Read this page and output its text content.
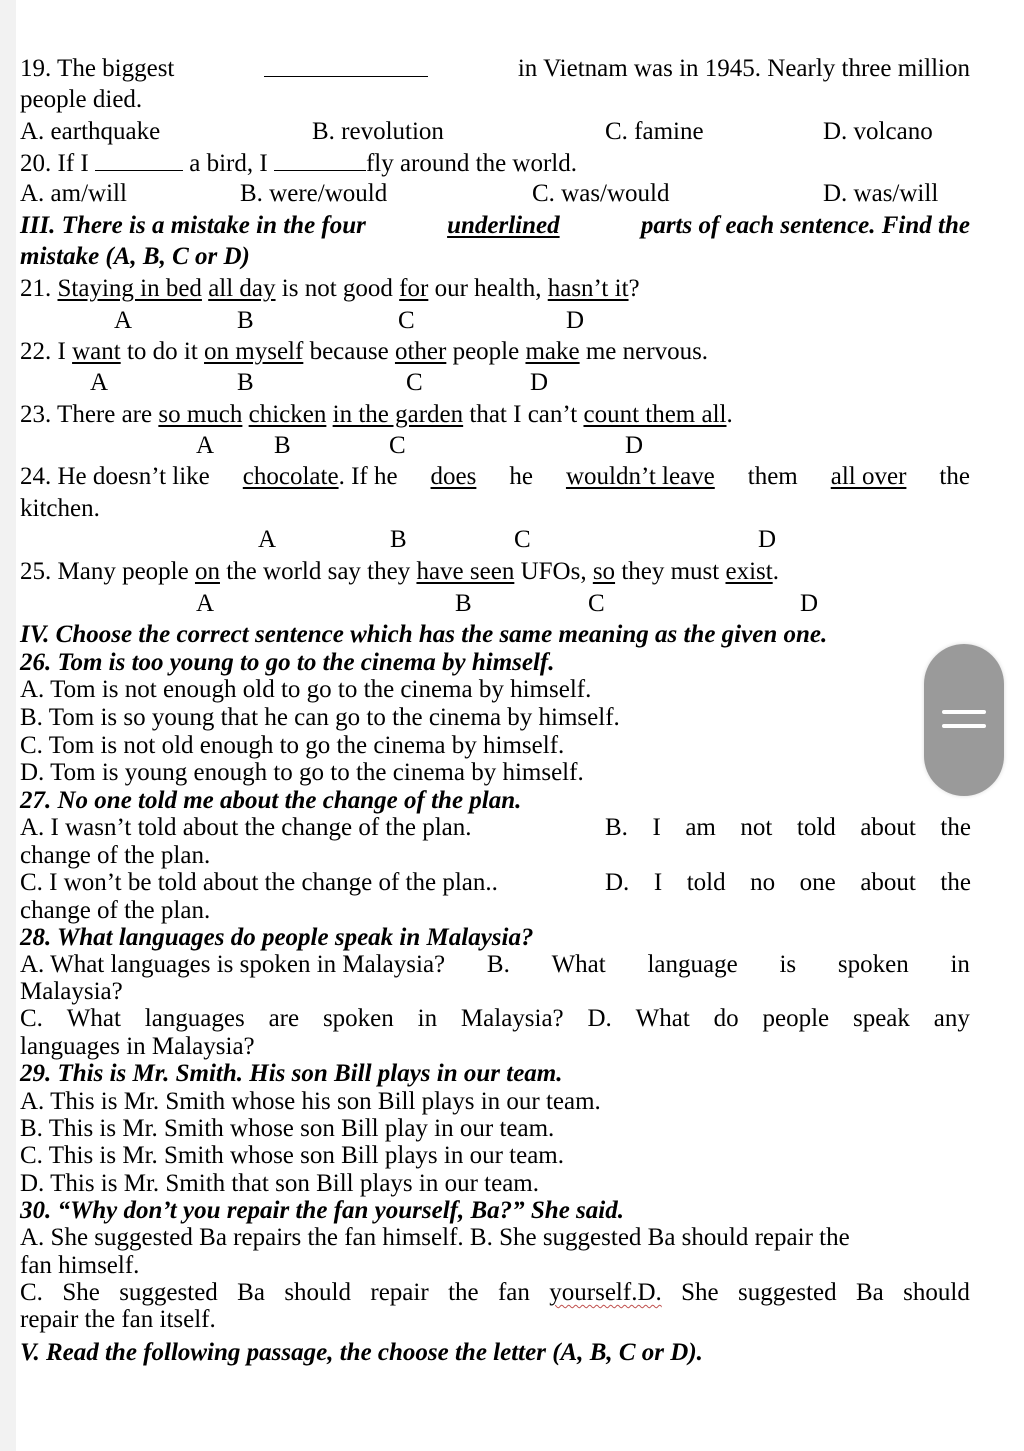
19. The biggest	in Vietnam was in 1945. Nearly three million
people died.
A. earthquake	B. revolution	C. famine	D. volcano
20. If I	a bird, I	fly around the world.
A. am/will	B. were/would	C. was/would	D. was/will
III. There is a mistake in the four	underlined	parts of each sentence. Find the
mistake (A, B, C or D)
21. Staying in bed all day is not good for our health, hasn’t it?
A	B	C	D
22. I want to do it on myself because other people make me nervous.
A	B	C	D
23. There are so much chicken in the garden that I can’t count them all.
A B	C	D
24. He doesn’t like chocolate. If he does he wouldn’t leave them all over the
kitchen.
A	B	C	D
25. Many people on the world say they have seen UFOs, so they must exist.
A	B	C	D
IV. Choose the correct sentence which has the same meaning as the given one.
26. Tom is too young to go to the cinema by himself.
A. Tom is not enough old to go to the cinema by himself.
B. Tom is so young that he can go to the cinema by himself.
C. Tom is not old enough to go the cinema by himself.
D. Tom is young enough to go to the cinema by himself.
27. No one told me about the change of the plan.
A. I wasn’t told about the change of the plan.	B. I am not told about the
change of the plan.
C. I won’t be told about the change of the plan..	D. I told no one about the
change of the plan.
28. What languages do people speak in Malaysia?
A. What languages is spoken in Malaysia? B. What language is spoken in
Malaysia?
C. What languages are spoken in Malaysia? D. What do people speak any
languages in Malaysia?
29. This is Mr. Smith. His son Bill plays in our team.
A. This is Mr. Smith whose his son Bill plays in our team.
B. This is Mr. Smith whose son Bill play in our team.
C. This is Mr. Smith whose son Bill plays in our team.
D. This is Mr. Smith that son Bill plays in our team.
30. “Why don’t you repair the fan yourself, Ba?” She said.
A. She suggested Ba repairs the fan himself. B. She suggested Ba should repair the
fan himself.
C. She suggested Ba should repair the fan yourself.D. She suggested Ba should
repair the fan itself.
V. Read the following passage, the choose the letter (A, B, C or D).
